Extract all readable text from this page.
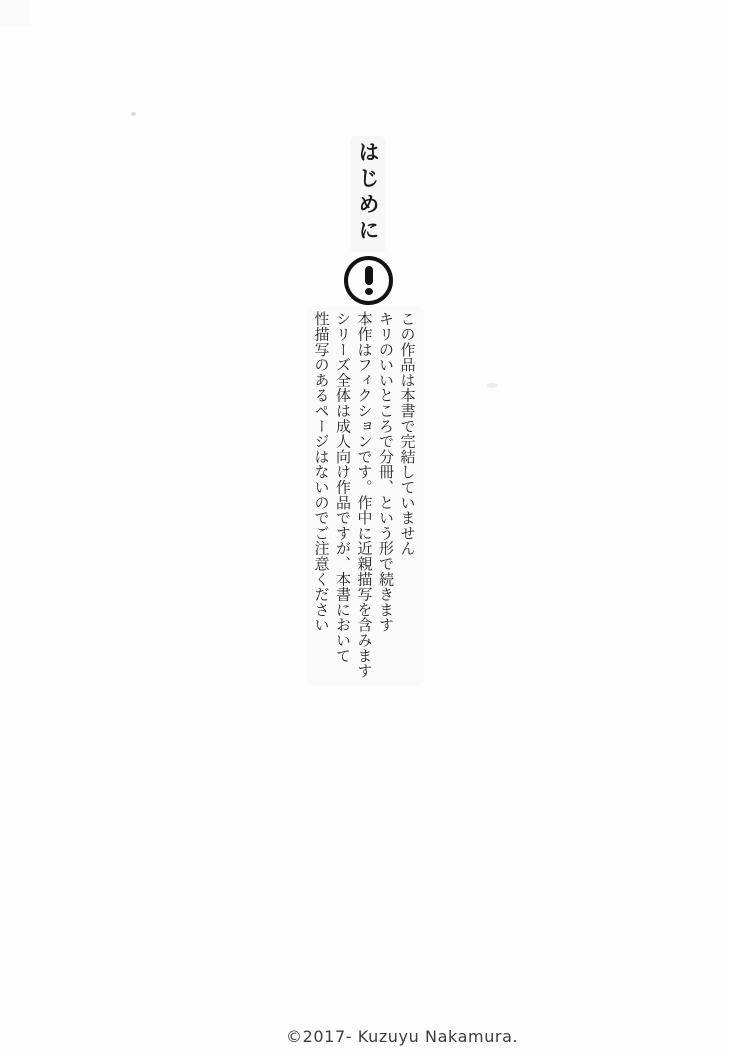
はじめに

この作品は本書で完結していません

キリのいいところで分冊、という形で続きます

本作はフィクションです。作中に近親描写を含みます

シリーズ全体は成人向け作品ですが、本書において

性描写のあるページはないのでご注意ください

©2017- Kuzuyu Nakamura.
